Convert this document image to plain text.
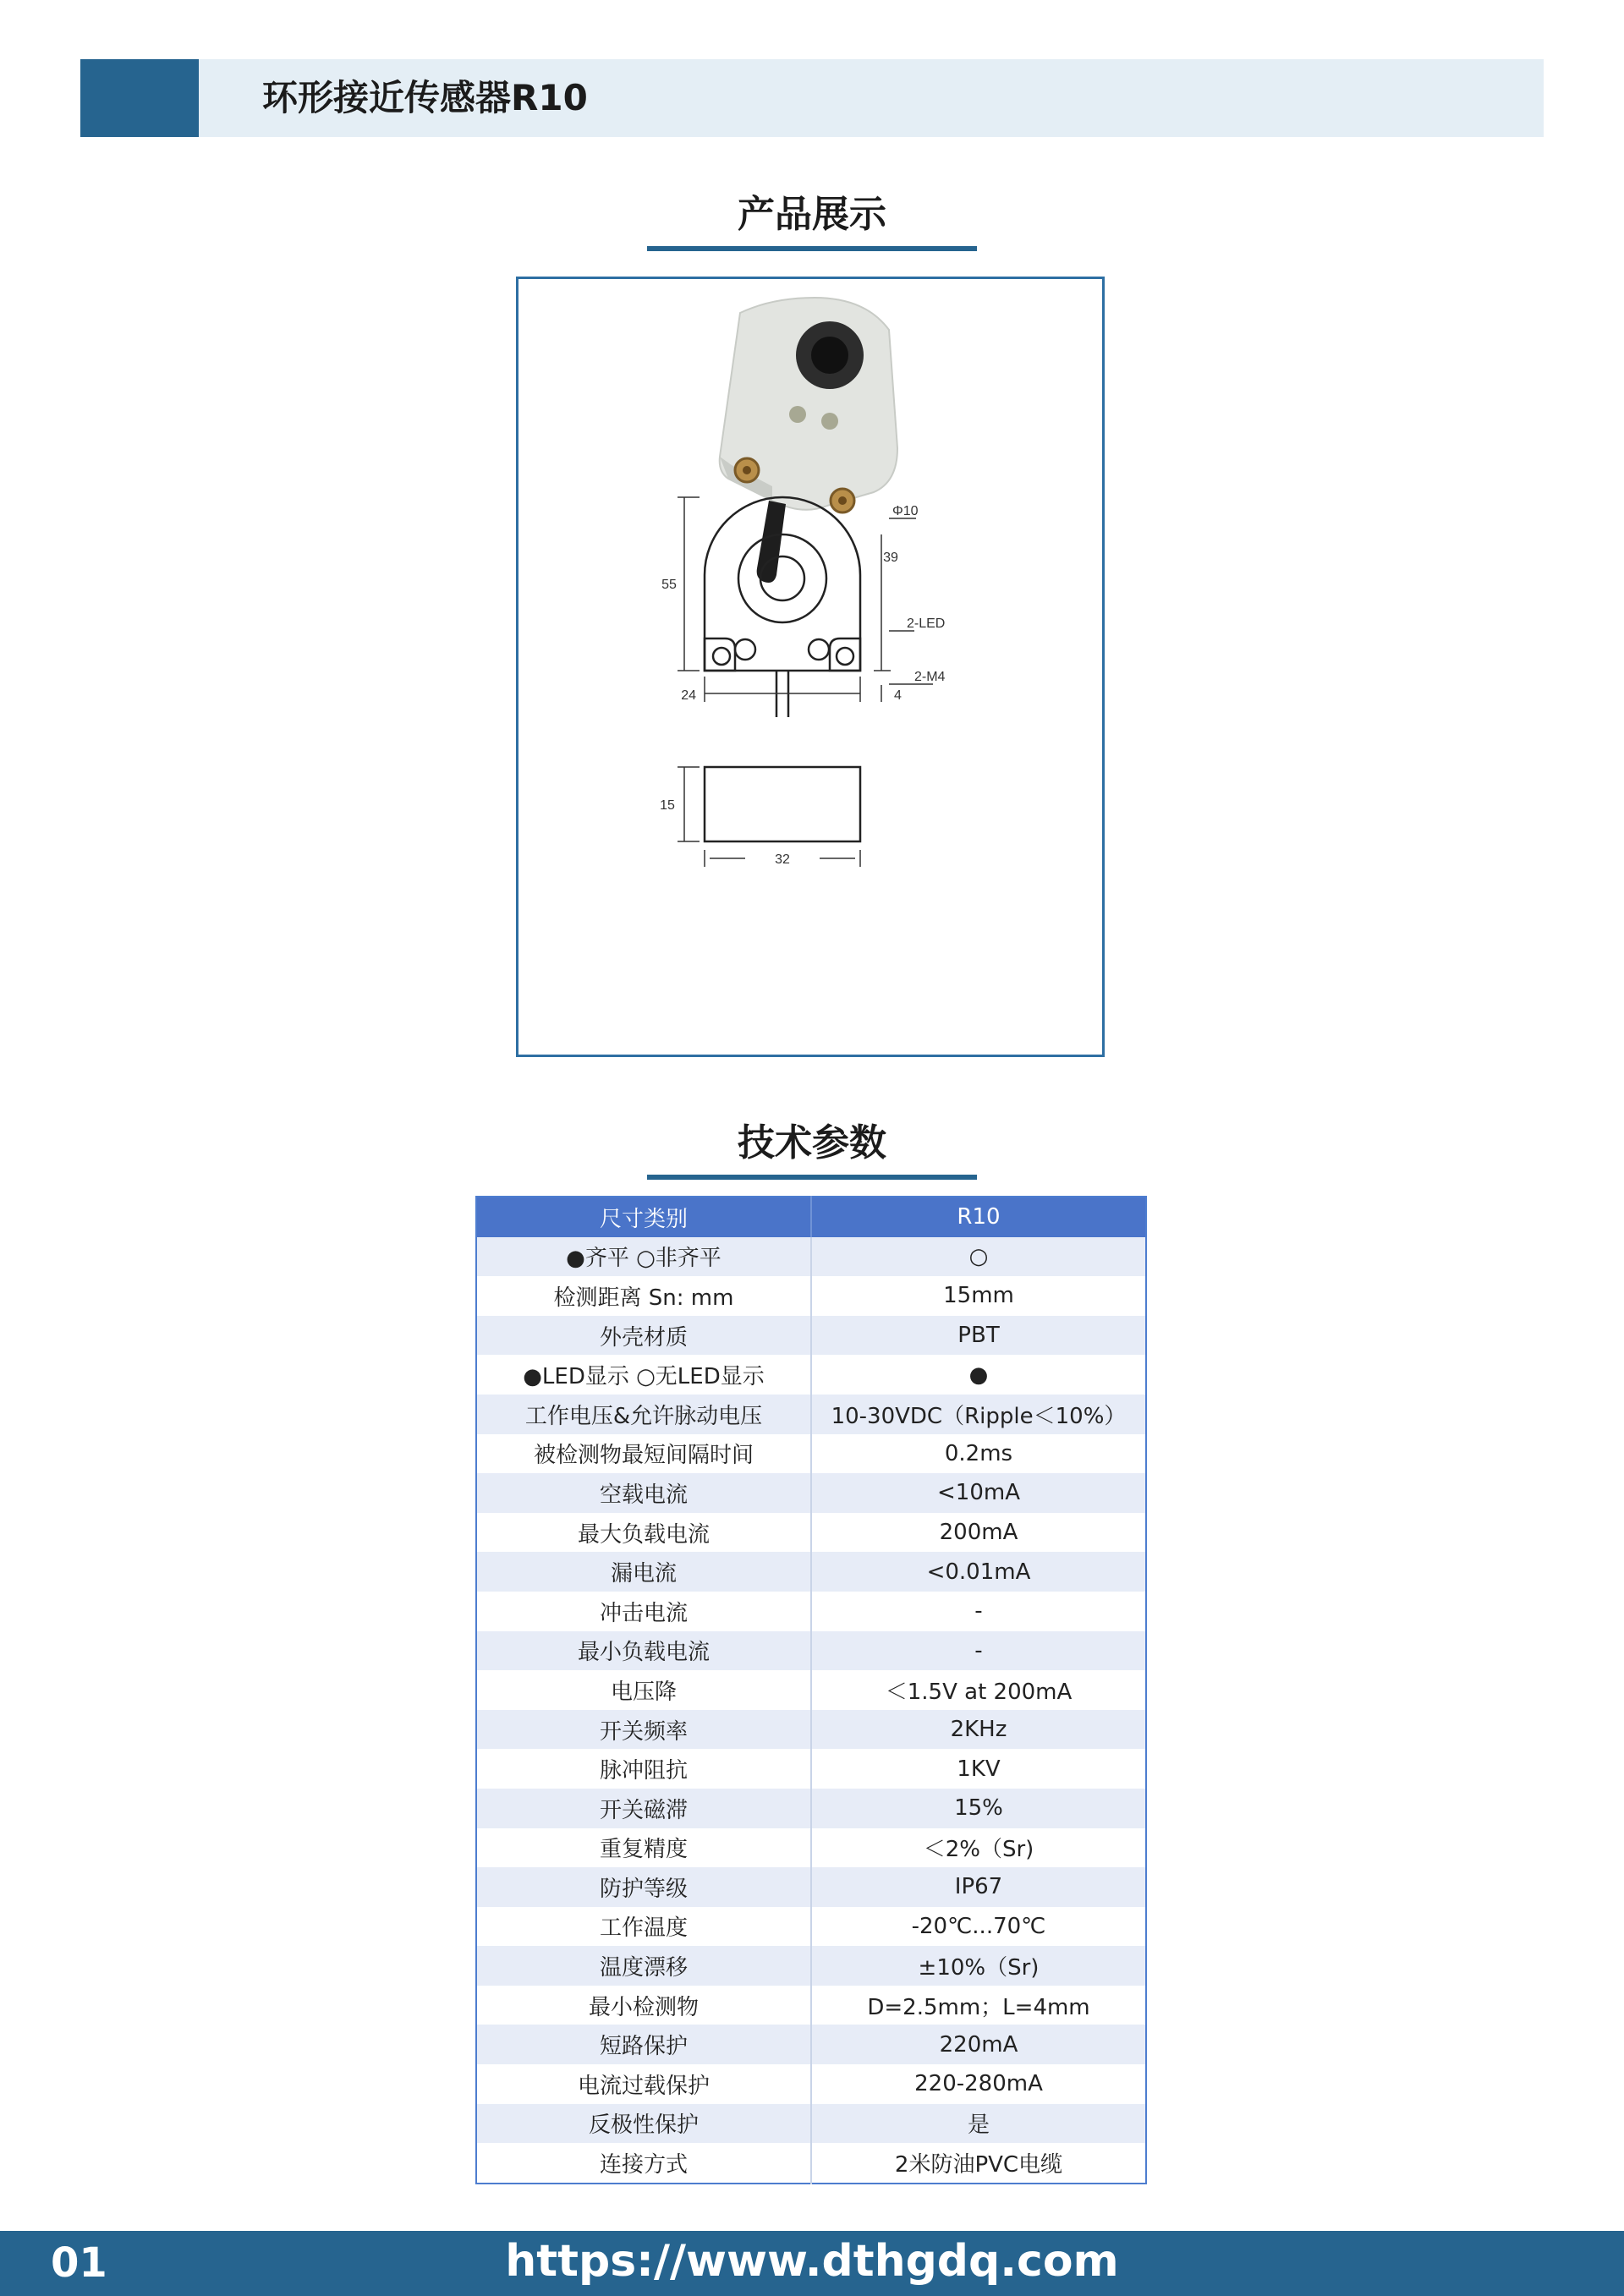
环形接近传感器R10
产品展示
55
Φ10
39
2-LED
2-M4
24	4
15
32
技术参数
尺寸类别	R10
●齐平 ○非齐平	○
检测距离 Sn: mm	15mm
外壳材质	PBT
●LED显示 ○无LED显示	●
工作电压&允许脉动电压	10-30VDC（Ripple＜10%）
被检测物最短间隔时间	0.2ms
空载电流	<10mA
最大负载电流	200mA
漏电流	<0.01mA
冲击电流	-
最小负载电流	-
电压降	＜1.5V at 200mA
开关频率	2KHz
脉冲阻抗	1KV
开关磁滞	15%
重复精度	＜2%（Sr)
防护等级	IP67
工作温度	-20℃...70℃
温度漂移	±10%（Sr)
最小检测物	D=2.5mm；L=4mm
短路保护	220mA
电流过载保护	220-280mA
反极性保护	是
连接方式	2米防油PVC电缆
01	https://www.dthgdq.com
